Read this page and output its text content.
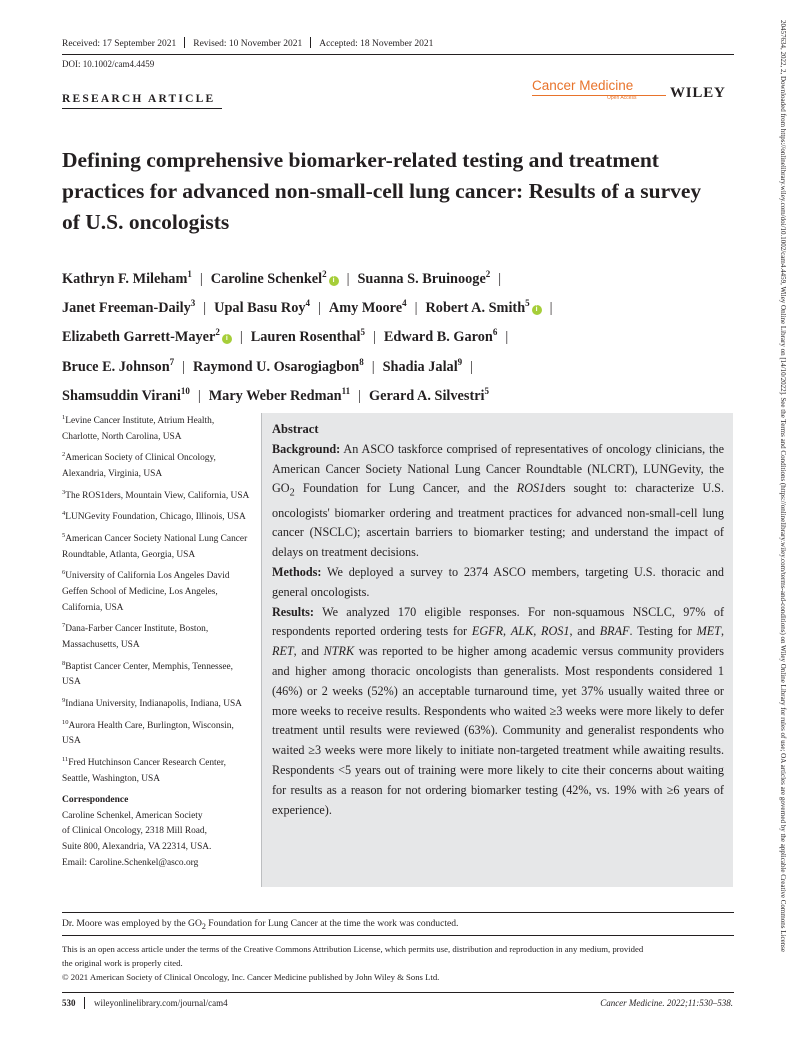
Received: 17 September 2021 Revised: 10 November 2021 Accepted: 18 November 2021
DOI: 10.1002/cam4.4459
RESEARCH ARTICLE
Cancer Medicine
Open Access WILEY
Defining comprehensive biomarker-related testing and treatment practices for advanced non-small-cell lung cancer: Results of a survey of U.S. oncologists
Kathryn F. Mileham$^1$ | Caroline Schenkel$^2$i | Suanna S. Bruinooge$^2$ |
Janet Freeman-Daily$^3$ | Upal Basu Roy$^4$ | Amy Moore$^4$ | Robert A. Smith$^5$i |
Elizabeth Garrett-Mayer$^2$i | Lauren Rosenthal$^5$ | Edward B. Garon$^6$ |
Bruce E. Johnson$^7$ | Raymond U. Osarogiagbon$^8$ | Shadia Jalal$^9$ |
Shamsuddin Virani$^{10}$ | Mary Weber Redman$^{11}$ | Gerard A. Silvestri$^5$
$^1$Levine Cancer Institute, Atrium Health, Charlotte, North Carolina, USA
$^2$American Society of Clinical Oncology, Alexandria, Virginia, USA
$^3$The ROS1ders, Mountain View, California, USA
$^4$LUNGevity Foundation, Chicago, Illinois, USA
$^5$American Cancer Society National Lung Cancer Roundtable, Atlanta, Georgia, USA
$^6$University of California Los Angeles David Geffen School of Medicine, Los Angeles, California, USA
$^7$Dana-Farber Cancer Institute, Boston, Massachusetts, USA
$^8$Baptist Cancer Center, Memphis, Tennessee, USA
$^9$Indiana University, Indianapolis, Indiana, USA
$^{10}$Aurora Health Care, Burlington, Wisconsin, USA
$^{11}$Fred Hutchinson Cancer Research Center, Seattle, Washington, USA
Correspondence
Caroline Schenkel, American Society
of Clinical Oncology, 2318 Mill Road,
Suite 800, Alexandria, VA 22314, USA.
Email: Caroline.Schenkel@asco.org
Abstract
Background: An ASCO taskforce comprised of representatives of oncology clinicians, the American Cancer Society National Lung Cancer Roundtable (NLCRT), LUNGevity, the $GO_2$ Foundation for Lung Cancer, and the ROS1ders sought to: characterize U.S. oncologists' biomarker ordering and treatment practices for advanced non-small-cell lung cancer (NSCLC); ascertain barriers to biomarker testing; and understand the impact of delays on treatment decisions.
Methods: We deployed a survey to 2374 ASCO members, targeting U.S. thoracic and general oncologists.
Results: We analyzed 170 eligible responses. For non-squamous NSCLC, 97% of respondents reported ordering tests for EGFR, ALK, ROS1, and BRAF. Testing for MET, RET, and NTRK was reported to be higher among academic versus community providers and higher among thoracic oncologists than generalists. Most respondents considered 1 (46%) or 2 weeks (52%) an acceptable turnaround time, yet 37% usually waited three or more weeks to receive results. Respondents who waited ≥3 weeks were more likely to defer treatment until results were reviewed (63%). Community and generalist respondents who waited ≥3 weeks were more likely to initiate non-targeted treatment while awaiting results. Respondents <5 years out of training were more likely to cite their concerns about waiting for results as a reason for not ordering biomarker testing (42%, vs. 19% with ≥6 years of experience).
Dr. Moore was employed by the $GO_2$ Foundation for Lung Cancer at the time the work was conducted.
This is an open access article under the terms of the Creative Commons Attribution License, which permits use, distribution and reproduction in any medium, provided
the original work is properly cited.
© 2021 American Society of Clinical Oncology, Inc. Cancer Medicine published by John Wiley & Sons Ltd.
530 wileyonlinelibrary.com/journal/cam4	Cancer Medicine. 2022;11:530–538.
20457634, 2022, 2, Downloaded from https://onlinelibrary.wiley.com/doi/10.1002/cam4.4459, Wiley Online Library on [14/10/2022]. See the Terms and Conditions (https://onlinelibrary.wiley.com/terms-and-conditions) on Wiley Online Library for rules of use; OA articles are governed by the applicable Creative Commons License
